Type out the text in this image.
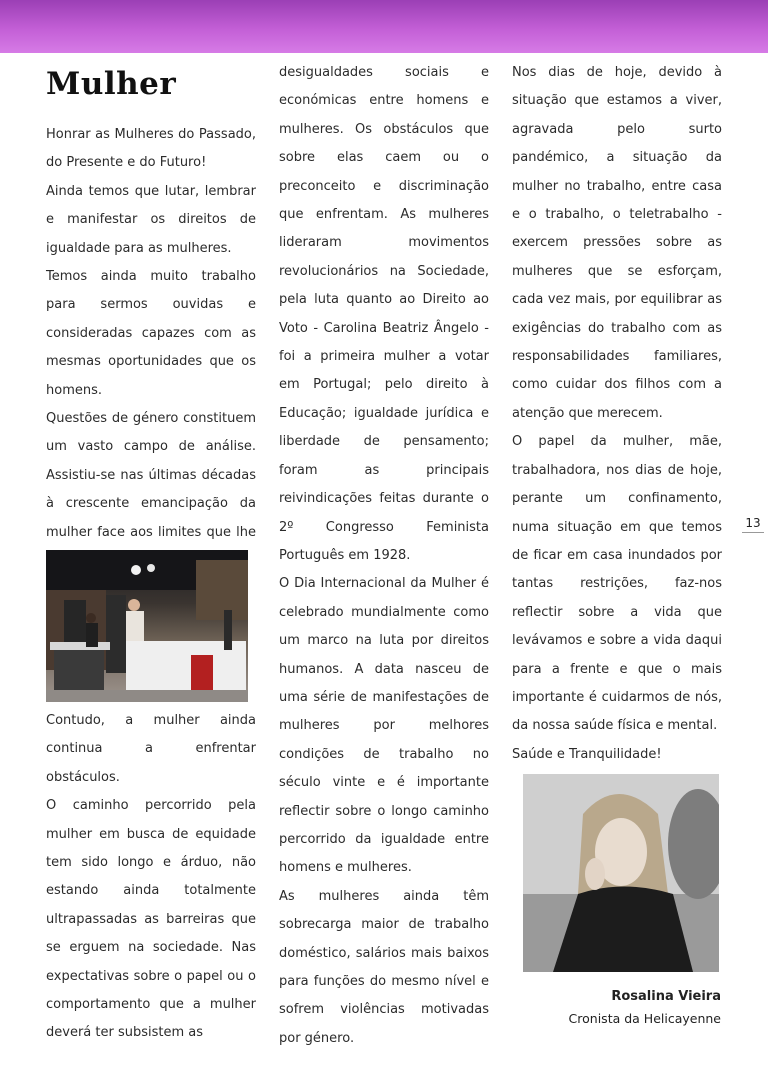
Mulher

Honrar as Mulheres do Passado, do Presente e do Futuro!

Ainda temos que lutar, lembrar e manifestar os direitos de igualdade para as mulheres.

Temos ainda muito trabalho para sermos ouvidas e consideradas capazes com as mesmas oportunidades que os homens.

Questões de género constituem um vasto campo de análise. Assistiu-se nas últimas décadas à crescente emancipação da mulher face aos limites que lhe

Contudo, a mulher ainda continua a enfrentar obstáculos.

O caminho percorrido pela mulher em busca de equidade tem sido longo e árduo, não estando ainda totalmente ultrapassadas as barreiras que se erguem na sociedade. Nas expectativas sobre o papel ou o comportamento que a mulher deverá ter subsistem as

desigualdades sociais e económicas entre homens e mulheres. Os obstáculos que sobre elas caem ou o preconceito e discriminação que enfrentam. As mulheres lideraram movimentos revolucionários na Sociedade, pela luta quanto ao Direito ao Voto - Carolina Beatriz Ângelo - foi a primeira mulher a votar em Portugal; pelo direito à Educação; igualdade jurídica e liberdade de pensamento; foram as principais reivindicações feitas durante o 2º Congresso Feminista Português em 1928.

O Dia Internacional da Mulher é celebrado mundialmente como um marco na luta por direitos humanos. A data nasceu de uma série de manifestações de mulheres por melhores condições de trabalho no século vinte e é importante reflectir sobre o longo caminho percorrido da igualdade entre homens e mulheres.

As mulheres ainda têm sobrecarga maior de trabalho doméstico, salários mais baixos para funções do mesmo nível e sofrem violências motivadas por género.

Nos dias de hoje, devido à situação que estamos a viver, agravada pelo surto pandémico, a situação da mulher no trabalho, entre casa e o trabalho, o teletrabalho - exercem pressões sobre as mulheres que se esforçam, cada vez mais, por equilibrar as exigências do trabalho com as responsabilidades familiares, como cuidar dos filhos com a atenção que merecem.

O papel da mulher, mãe, trabalhadora, nos dias de hoje, perante um confinamento, numa situação em que temos de ficar em casa inundados por tantas restrições, faz-nos reflectir sobre a vida que levávamos e sobre a vida daqui para a frente e que o mais importante é cuidarmos de nós, da nossa saúde física e mental.

Saúde e Tranquilidade!

13
Rosalina Vieira
Cronista da Helicayenne
